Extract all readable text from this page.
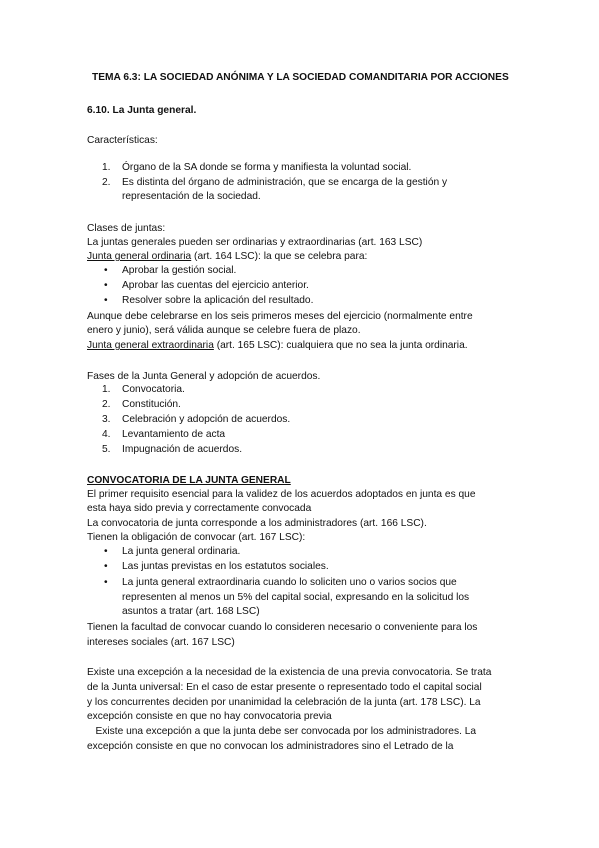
TEMA 6.3: LA SOCIEDAD ANÓNIMA Y LA SOCIEDAD COMANDITARIA POR ACCIONES
6.10. La Junta general.
Características:
1.	Órgano de la SA donde se forma y manifiesta la voluntad social.
2.	Es distinta del órgano de administración, que se encarga de la gestión y
representación de la sociedad.
Clases de juntas:
La juntas generales pueden ser ordinarias y extraordinarias (art. 163 LSC)
Junta general ordinaria (art. 164 LSC): la que se celebra para:
• Aprobar la gestión social.
• Aprobar las cuentas del ejercicio anterior.
• Resolver sobre la aplicación del resultado.
Aunque debe celebrarse en los seis primeros meses del ejercicio (normalmente entre
enero y junio), será válida aunque se celebre fuera de plazo.
Junta general extraordinaria (art. 165 LSC): cualquiera que no sea la junta ordinaria.
Fases de la Junta General y adopción de acuerdos.
1.	Convocatoria.
2.	Constitución.
3.	Celebración y adopción de acuerdos.
4.	Levantamiento de acta
5.	Impugnación de acuerdos.
CONVOCATORIA DE LA JUNTA GENERAL
El primer requisito esencial para la validez de los acuerdos adoptados en junta es que
esta haya sido previa y correctamente convocada
La convocatoria de junta corresponde a los administradores (art. 166 LSC).
Tienen la obligación de convocar (art. 167 LSC):
• La junta general ordinaria.
• Las juntas previstas en los estatutos sociales.
• La junta general extraordinaria cuando lo soliciten uno o varios socios que
representen al menos un 5% del capital social, expresando en la solicitud los
asuntos a tratar (art. 168 LSC)
Tienen la facultad de convocar cuando lo consideren necesario o conveniente para los
intereses sociales (art. 167 LSC)
Existe una excepción a la necesidad de la existencia de una previa convocatoria. Se trata
de la Junta universal: En el caso de estar presente o representado todo el capital social
y los concurrentes deciden por unanimidad la celebración de la junta (art. 178 LSC). La
excepción consiste en que no hay convocatoria previa
Existe una excepción a que la junta debe ser convocada por los administradores. La
excepción consiste en que no convocan los administradores sino el Letrado de la
